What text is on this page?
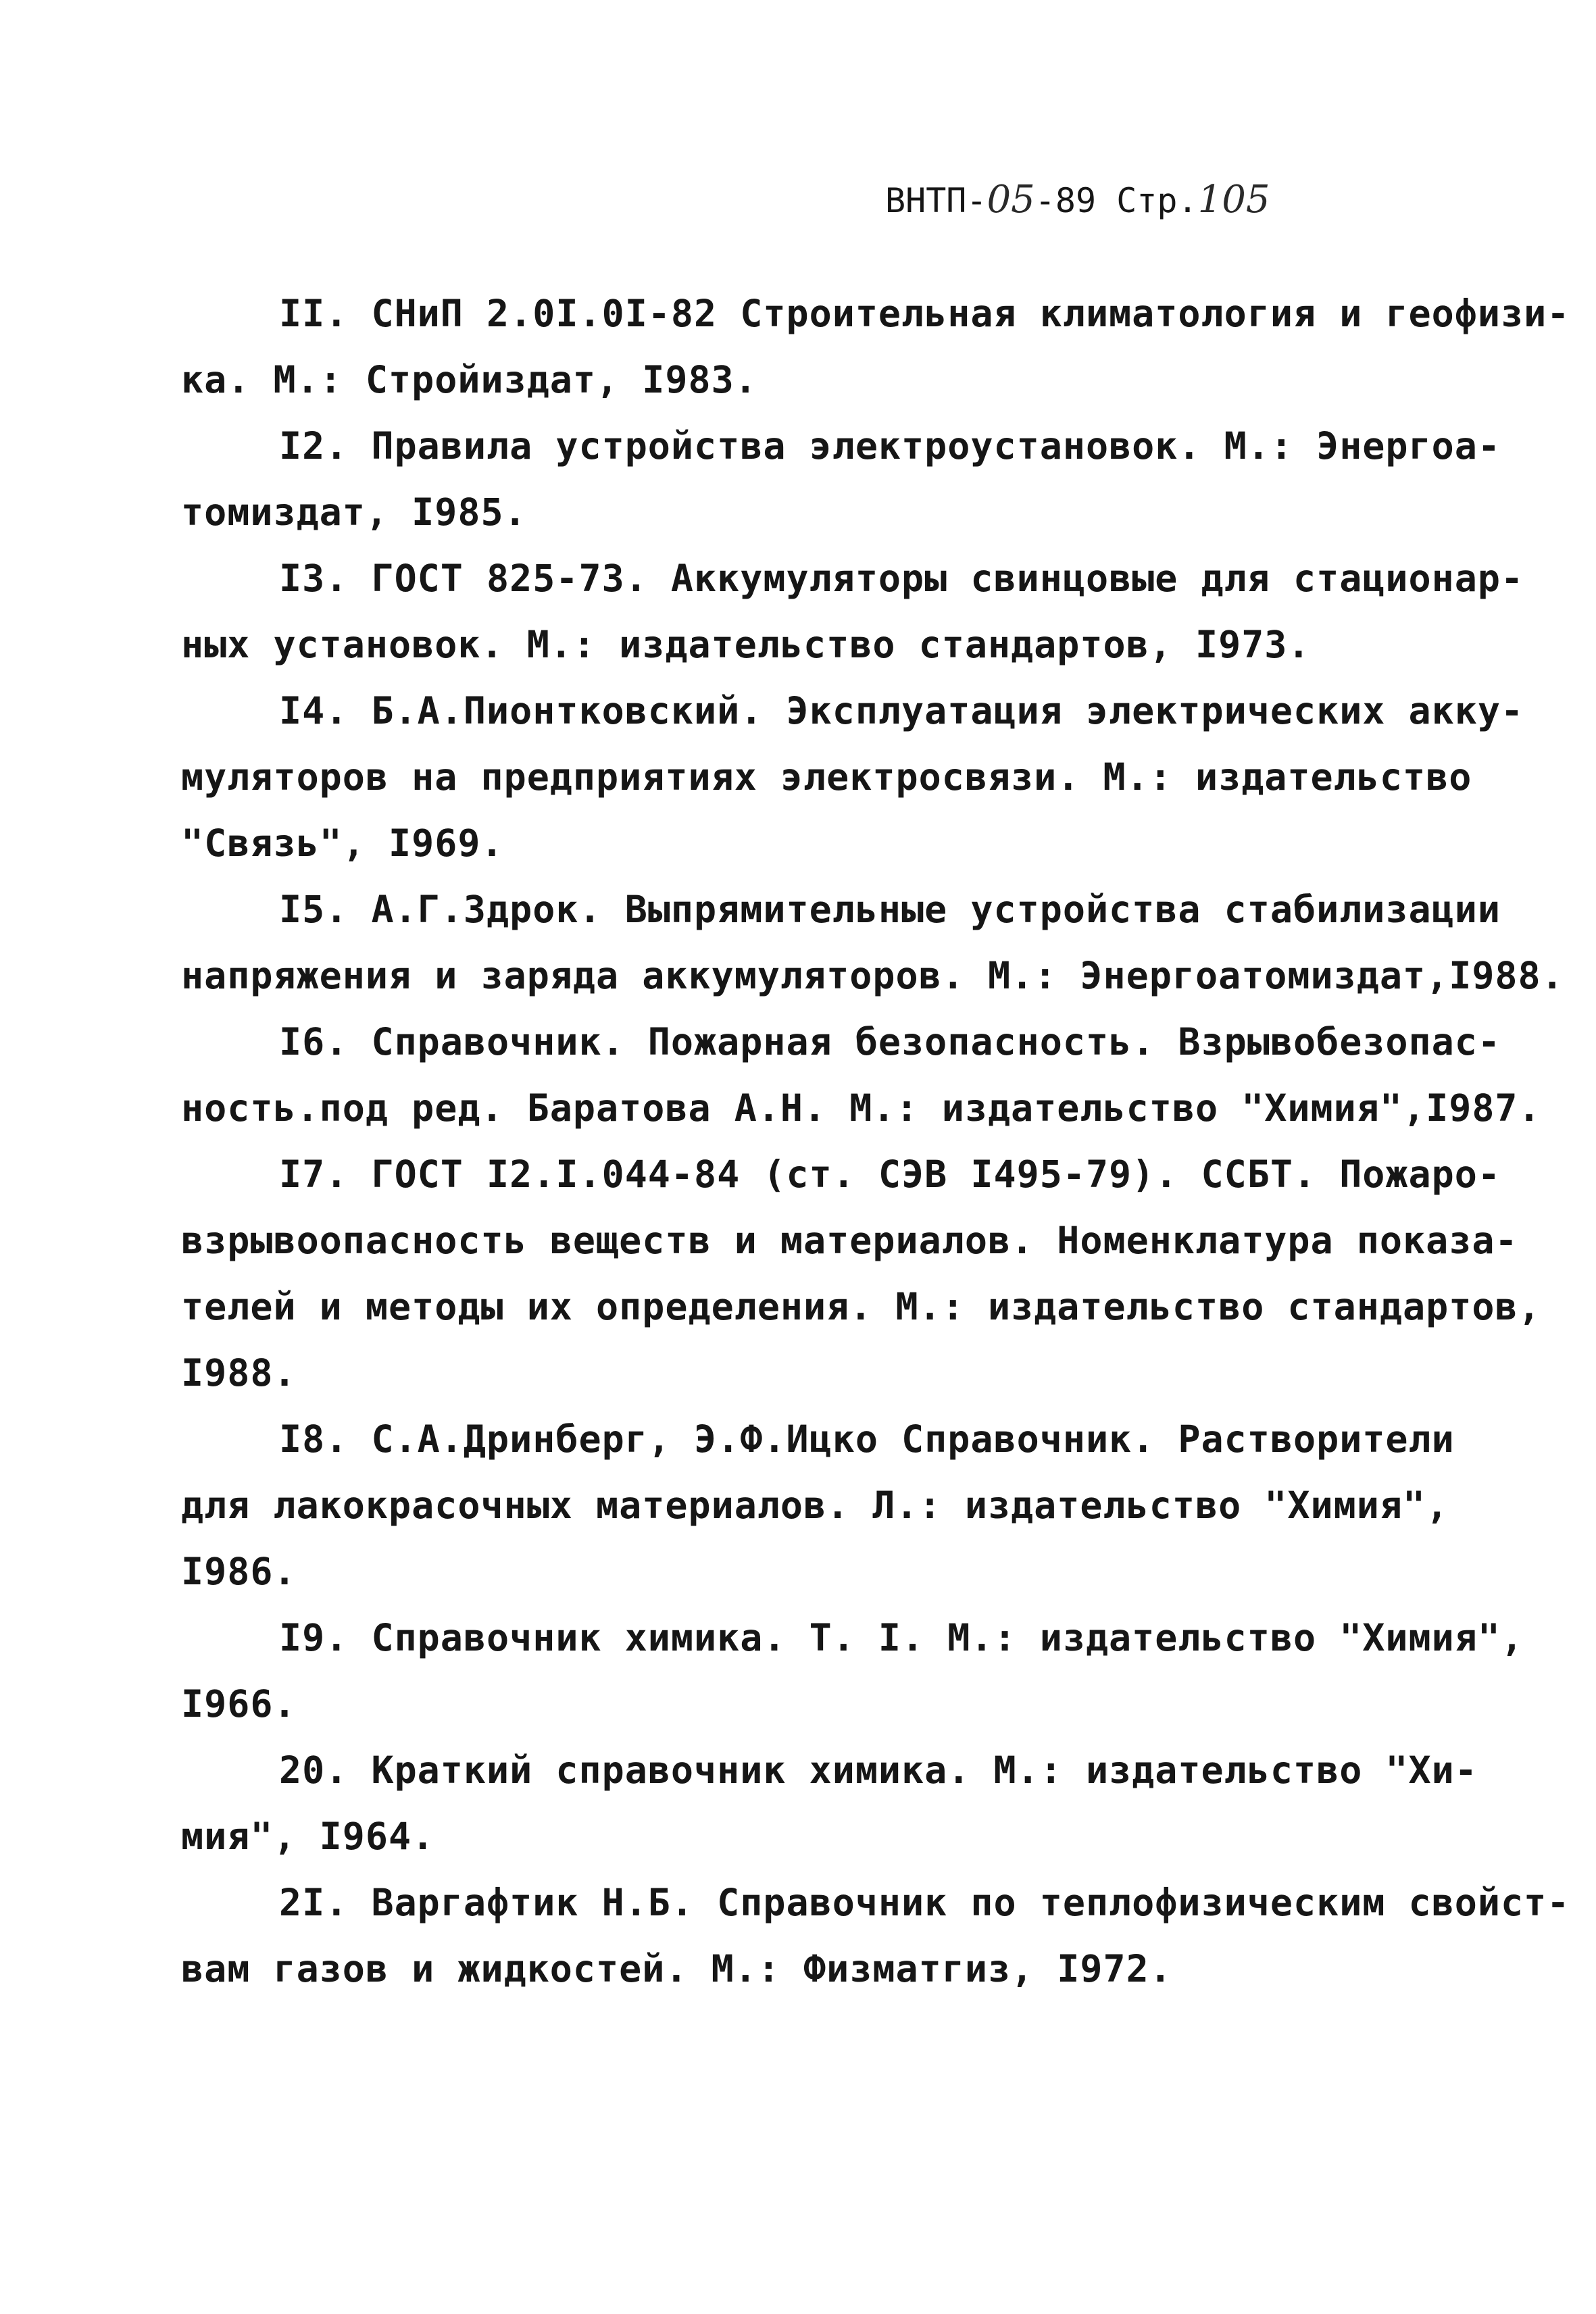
ВНТП-05-89 Стр.105
II. СНиП 2.0I.0I-82 Строительная климатология и геофизи-
ка. М.: Стройиздат, I983.
I2. Правила устройства электроустановок. М.: Энергоа-
томиздат, I985.
I3. ГОСТ 825-73. Аккумуляторы свинцовые для стационар-
ных установок. М.: издательство стандартов, I973.
I4. Б.А.Пионтковский. Эксплуатация электрических акку-
муляторов на предприятиях электросвязи. М.: издательство
"Связь", I969.
I5. А.Г.Здрок. Выпрямительные устройства стабилизации
напряжения и заряда аккумуляторов. М.: Энергоатомиздат,I988.
I6. Справочник. Пожарная безопасность. Взрывобезопас-
ность.под ред. Баратова А.Н. М.: издательство "Химия",I987.
I7. ГОСТ I2.I.044-84 (ст. СЭВ I495-79). ССБТ. Пожаро-
взрывоопасность веществ и материалов. Номенклатура показа-
телей и методы их определения. М.: издательство стандартов,
I988.
I8. С.А.Дринберг, Э.Ф.Ицко Справочник. Растворители
для лакокрасочных материалов. Л.: издательство "Химия",
I986.
I9. Справочник химика. Т. I. М.: издательство "Химия",
I966.
20. Краткий справочник химика. М.: издательство "Хи-
мия", I964.
2I. Варгафтик Н.Б. Справочник по теплофизическим свойст-
вам газов и жидкостей. М.: Физматгиз, I972.
